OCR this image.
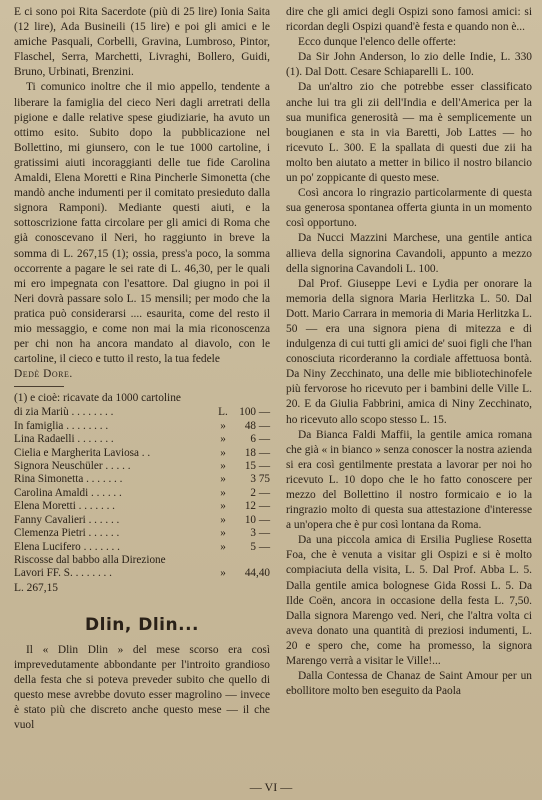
E ci sono poi Rita Sacerdote (più di 25 lire) Ionia Saita (12 lire), Ada Busineili (15 lire) e poi gli amici e le amiche Pasquali, Corbelli, Gravina, Lumbroso, Pintor, Flaschel, Serra, Marchetti, Livraghi, Bollero, Guidi, Bruno, Urbinati, Brenzini.

Ti comunico inoltre che il mio appello, tendente a liberare la famiglia del cieco Neri dagli arretrati della pigione e dalle relative spese giudiziarie, ha avuto un ottimo esito. Subito dopo la pubblicazione nel Bollettino, mi giunsero, con le tue 1000 cartoline, i gratissimi aiuti incoraggianti delle tue fide Carolina Amaldi, Elena Moretti e Rina Pincherle Simonetta (che mandò anche indumenti per il comitato presieduto dalla signora Ramponi). Mediante questi aiuti, e la sottoscrizione fatta circolare per gli amici di Roma che già conoscevano il Neri, ho raggiunto in breve la somma di L. 267,15 (1); ossia, press'a poco, la somma occorrente a pagare le sei rate di L. 46,30, per le quali mi ero impegnata con l'esattore. Dal giugno in poi il Neri dovrà passare solo L. 15 mensili; per modo che la pratica può considerarsi .... esaurita, come del resto il mio messaggio, e come non mai la mia riconoscenza per chi non ha ancora mandato al diavolo, con le cartoline, il cieco e tutto il resto, la tua fedele

Dedè Dore.

(1) e cioè: ricavate da 1000 cartoline

di zia Mariù . . . . . . . .	L.	100 —
In famiglia . . . . . . . .	»	48 —
Lina Radaelli . . . . . . .	»	6 —
Cielia e Margherita Laviosa . .	»	18 —
Signora Neuschüler . . . . .	»	15 —
Rina Simonetta . . . . . . .	»	3 75
Carolina Amaldi . . . . . .	»	2 —
Elena Moretti . . . . . . .	»	12 —
Fanny Cavalieri . . . . . .	»	10 —
Clemenza Pietri . . . . . .	»	3 —
Elena Lucifero . . . . . . .	»	5 —
Riscosse dal babbo alla Direzione		
Lavori FF. S. . . . . . . .	»	44,40

L. 267,15

Dlin, Dlin...

Il « Dlin Dlin » del mese scorso era così imprevedutamente abbondante per l'introito grandioso della festa che si poteva preveder subito che quello di questo mese avrebbe dovuto esser magrolino — invece è stato più che discreto anche questo mese — il che vuol

dire che gli amici degli Ospizi sono famosi amici: si ricordan degli Ospizi quand'è festa e quando non è...

Ecco dunque l'elenco delle offerte:

Da Sir John Anderson, lo zio delle Indie, L. 330 (1). Dal Dott. Cesare Schiaparelli L. 100.

Da un'altro zio che potrebbe esser classificato anche lui tra gli zii dell'India e dell'America per la sua munifica generosità — ma è semplicemente un bougianen e sta in via Baretti, Job Lattes — ho ricevuto L. 300. E la spallata di questi due zii ha molto ben aiutato a metter in bilico il nostro bilancio un po' zoppicante di questo mese.

Così ancora lo ringrazio particolarmente di questa sua generosa spontanea offerta giunta in un momento così opportuno.

Da Nucci Mazzini Marchese, una gentile antica allieva della signorina Cavandoli, appunto a mezzo della signorina Cavandoli L. 100.

Dal Prof. Giuseppe Levi e Lydia per onorare la memoria della signora Maria Herlitzka L. 50. Dal Dott. Mario Carrara in memoria di Maria Herlitzka L. 50 — era una signora piena di mitezza e di indulgenza di cui tutti gli amici de' suoi figli che l'han conosciuta ricorderanno la cordiale affettuosa bontà. Da Niny Zecchinato, una delle mie bibliotechinofele più fervorose ho ricevuto per i bambini delle Ville L. 20. E da Giulia Fabbrini, amica di Niny Zecchinato, ho ricevuto allo scopo stesso L. 15.

Da Bianca Faldi Maffii, la gentile amica romana che già « in bianco » senza conoscer la nostra azienda si era così gentilmente prestata a lavorar per noi ho ricevuto L. 10 dopo che le ho fatto conoscere per mezzo del Bollettino il nostro formicaio e io la ringrazio molto di questa sua attestazione d'interesse a un'opera che è pur così lontana da Roma.

Da una piccola amica di Ersilia Pugliese Rosetta Foa, che è venuta a visitar gli Ospizi e si è molto compiaciuta della visita, L. 5. Dal Prof. Abba L. 5. Dalla gentile amica bolognese Gida Rossi L. 5. Da Ilde Coën, ancora in occasione della festa L. 7,50. Dalla signora Marengo ved. Neri, che l'altra volta ci aveva donato una quantità di preziosi indumenti, L. 20 e spero che, come ha promesso, la signora Marengo verrà a visitar le Ville!...

Dalla Contessa de Chanaz de Saint Amour per un ebollitore molto ben eseguito da Paola

— VI —
